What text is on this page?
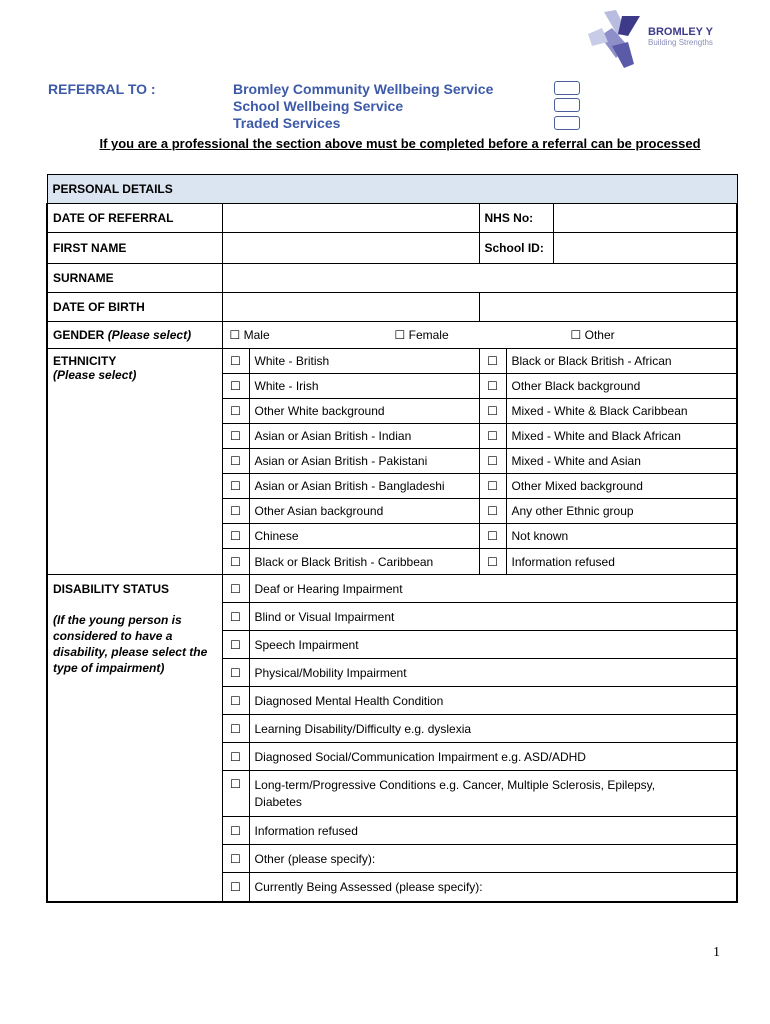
BROMLEY Y
Building Strengths
REFERRAL TO :	Bromley Community Wellbeing Service
School Wellbeing Service
Traded Services
If you are a professional the section above must be completed before a referral can be processed
PERSONAL DETAILS					
DATE OF REFERRAL			NHS No:		
FIRST NAME			School ID:		
SURNAME					
DATE OF BIRTH					
GENDER (Please select)	☐ Male ☐ Female ☐ Other				

ETHNICITY
(Please select)	☐	White - British	☐	Black or Black British - African	
	☐	White - Irish	☐	Other Black background	
	☐	Other White background	☐	Mixed - White & Black Caribbean	
	☐	Asian or Asian British - Indian	☐	Mixed - White and Black African	
	☐	Asian or Asian British - Pakistani	☐	Mixed - White and Asian	
	☐	Asian or Asian British - Bangladeshi	☐	Other Mixed background	
	☐	Other Asian background	☐	Any other Ethnic group	
	☐	Chinese	☐	Not known	
	☐	Black or Black British - Caribbean	☐	Information refused	

DISABILITY STATUS
(If the young person is considered to have a disability, please select the type of impairment)	☐	Deaf or Hearing Impairment			
	☐	Blind or Visual Impairment			
	☐	Speech Impairment			
	☐	Physical/Mobility Impairment			
	☐	Diagnosed Mental Health Condition			
	☐	Learning Disability/Difficulty e.g. dyslexia			
	☐	Diagnosed Social/Communication Impairment e.g. ASD/ADHD			
	☐	Long-term/Progressive Conditions e.g. Cancer, Multiple Sclerosis, Epilepsy, Diabetes			
	☐	Information refused			
	☐	Other (please specify):			
	☐	Currently Being Assessed (please specify):			
1
